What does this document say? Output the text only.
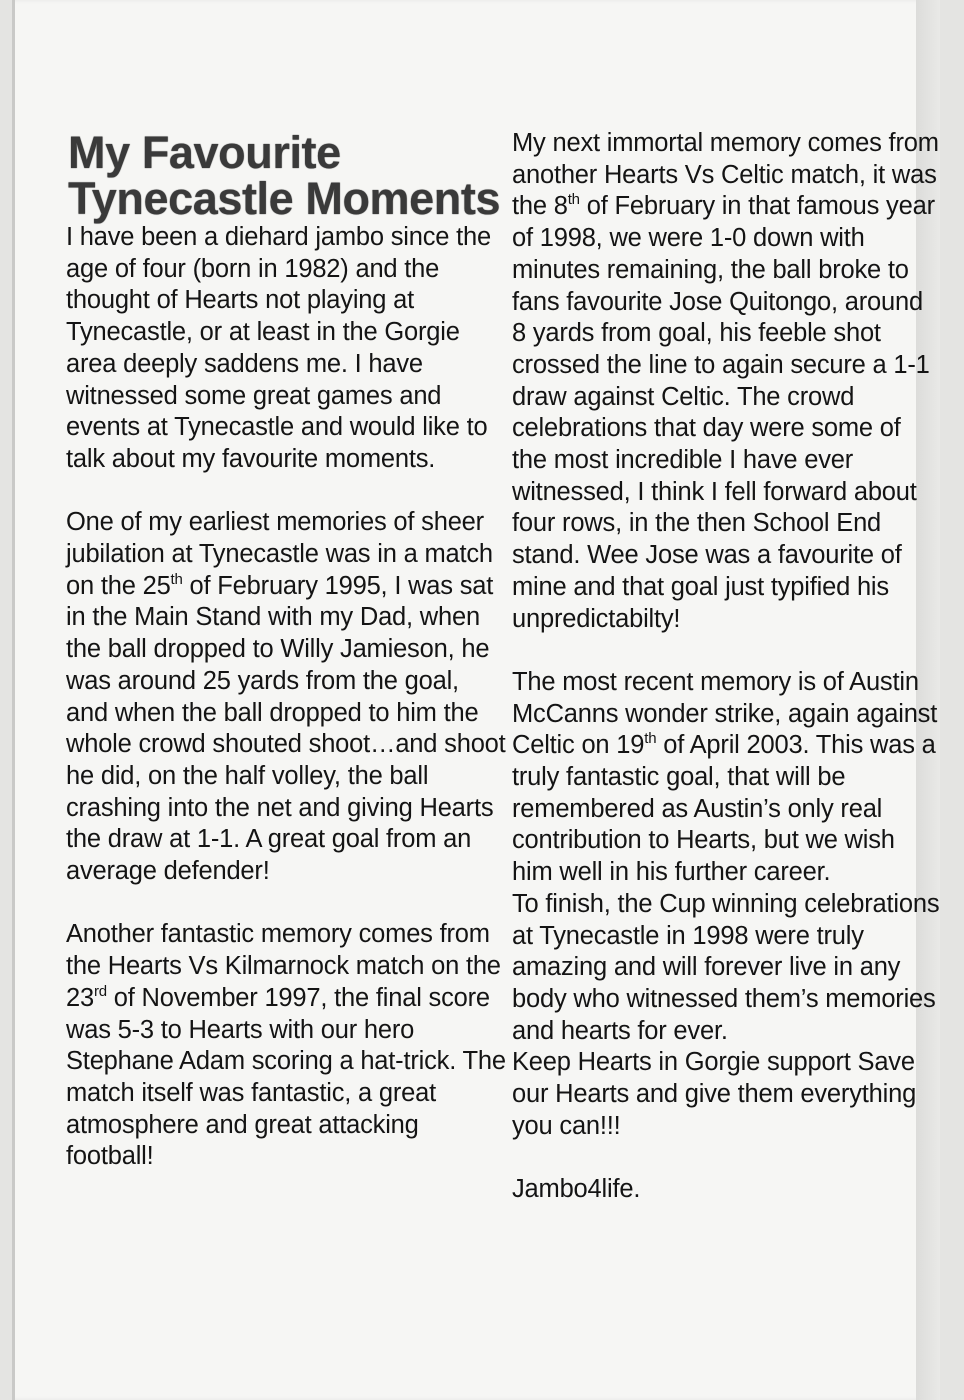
My Favourite Tynecastle Moments

I have been a diehard jambo since the age of four (born in 1982) and the thought of Hearts not playing at Tynecastle, or at least in the Gorgie area deeply saddens me. I have witnessed some great games and events at Tynecastle and would like to talk about my favourite moments.

One of my earliest memories of sheer jubilation at Tynecastle was in a match on the 25th of February 1995, I was sat in the Main Stand with my Dad, when the ball dropped to Willy Jamieson, he was around 25 yards from the goal, and when the ball dropped to him the whole crowd shouted shoot…and shoot he did, on the half volley, the ball crashing into the net and giving Hearts the draw at 1-1. A great goal from an average defender!

Another fantastic memory comes from the Hearts Vs Kilmarnock match on the 23rd of November 1997, the final score was 5-3 to Hearts with our hero Stephane Adam scoring a hat-trick. The match itself was fantastic, a great atmosphere and great attacking football!

My next immortal memory comes from another Hearts Vs Celtic match, it was the 8th of February in that famous year of 1998, we were 1-0 down with minutes remaining, the ball broke to fans favourite Jose Quitongo, around 8 yards from goal, his feeble shot crossed the line to again secure a 1-1 draw against Celtic. The crowd celebrations that day were some of the most incredible I have ever witnessed, I think I fell forward about four rows, in the then School End stand. Wee Jose was a favourite of mine and that goal just typified his unpredictabilty!

The most recent memory is of Austin McCanns wonder strike, again against Celtic on 19th of April 2003. This was a truly fantastic goal, that will be remembered as Austin’s only real contribution to Hearts, but we wish him well in his further career.

To finish, the Cup winning celebrations at Tynecastle in 1998 were truly amazing and will forever live in any body who witnessed them’s memories and hearts for ever.

Keep Hearts in Gorgie support Save our Hearts and give them everything you can!!!

Jambo4life.
